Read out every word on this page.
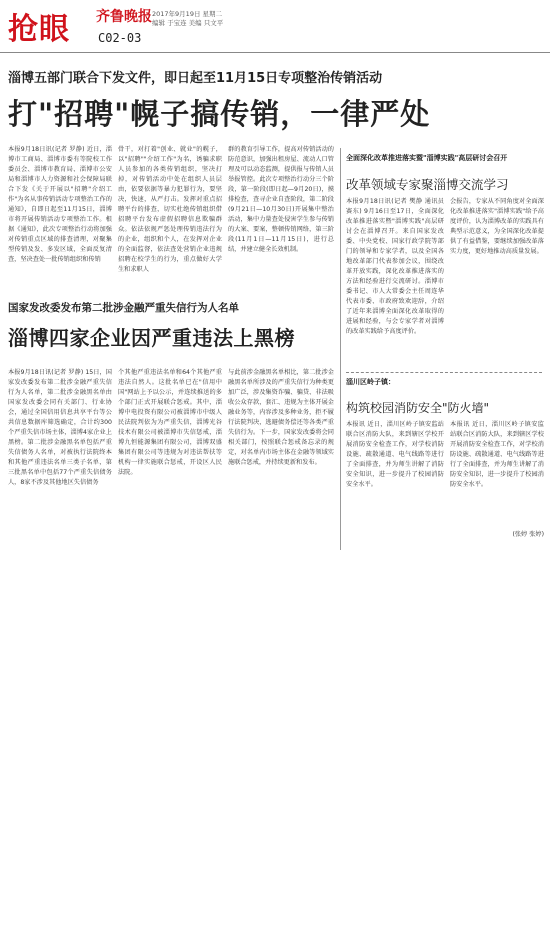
抢眼 齐鲁晚报 2017年9月19日 星期二
编辑 于宝连 美编 只文平
C02-03
淄博五部门联合下发文件，即日起至11月15日专项整治传销活动
打"招聘"幌子搞传销，一律严处
本报9月18日讯(记者 罗静) 近日，淄博市工商局、淄博市委有等院校工作委员会、淄博市教育局、淄博市公安局和淄博市人力资源和社会保障局联合下发《关于开展以"招聘"介绍工作"为名从事传销活动专项整治工作的通知》，自即日起至11月15日，淄博市将开展传销活动专项整治工作。根据《通知》，此次专项整治行动将加强对传销重点区域的排查清理，对聚集型传销及发、多发区域，全面反复清查，坚决查处一批传销组织和传销
骨干，对打着"创业、就业"的幌子，以"招聘""介绍工作"为名，诱骗求职人员参加的各类传销组织，坚决打掉，对传销活动中处在组织人员层由，依要依据等暴力犯罪行为，要坚决，快速，从严打击。发挥对重点招聘平台的排查，切实杜绝传销组织借招聘平台发布虚假招聘信息欺骗群众。依法依规严惩处理传销违法行为的企业，组织和个人，在发挥对企业的全面监督，依法查处营销企业违规招聘在校学生的行为，重点做好大学生和求职人
群的教育引导工作，提高对传销活动的防范意识，加强出租房屋、流动人口管理及可以动态监测，提供报与传销人员举报管控。此次专项整治行动分三个阶段，第一阶段(即日起—9月20日)，摸排检查，查寻企业自查阶段，第二阶段(9月21日—10月30日)开展集中整治活动，集中力量查处侵害学生参与传销的大案、要案，整顿传销网络，第三阶段(11月1日—11月15日)，进行总结，并建立健全长效机制。
国家发改委发布第二批涉金融严重失信行为人名单
淄博四家企业因严重违法上黑榜
本报9月18日讯(记者 罗静) 15日，国家发改委发布第二批涉金融严重失信行为人名单，第二批涉金融黑名单由国家发改委会同有关部门、行业协会，通过全国信用信息共享平台等公共信息数据库筛选确定，合计约300个严重失信市场主体，淄博4家企业上黑榜。第二批涉金融黑名单包括严重失信债务人名单，对被执行法院终本和其他严重违法名单三类子名单，第三批黑名单中包括77个严重失信债务人，8家不涉及其他地区失信债务
个其他严重违法名单和64个其他严重违法自然人。这批名单已在"信用中国"网站上予以公示，并连续推送的多个部门正式开展联合惩戒。其中，淄博中电投资有限公司被淄博市中级人民法院判依为为严重失信，淄博光谷技术有限公司被淄博市失信惩戒，淄博九恒能源集团有限公司，淄博双盛集团有限公司等违规为对违法帮扶等机构一律实施联合惩戒，开设区人民法院。
与此前涉金融黑名单相比，第二批涉金融黑名单所涉及的严重失信行为种类更加广泛，涉及集资诈骗、骗贷、非法吸收公众存款，套汇、违规为主体开展金融业务等，内容涉及多种业务，拒不履行法院判决，逃避债务偿还等各类严重失信行为。下一步，国家发改委将会同相关部门，按照联合惩戒备忘录的规定，对名单内市场主体在金融等领域实施联合惩戒，并持续更新和发布。
全面深化改革推进落实暨"淄博实践"高层研讨会召开
改革领域专家聚淄博交流学习
本报9月18日讯(记者 樊静 通讯员 赛东) 9月16日至17日，全面深化改革推进落实暨"淄博实践"高层研讨会在淄博召开。来自国家发改委、中央党校、国家行政学院等部门的领导和专家学者，以及全国各地改革部门代表参加会议，围绕改革开放实践，深化改革推进落实的方法和经验进行交流研讨。淄博市委书记、市人大常委会主任周连华代表市委、市政府致欢迎辞，介绍了近年来淄博全面深化改革取得的进展和经验，与会专家学者对淄博的改革实践给予高度评价。
会报告，专家从不同角度对全面深化改革推进落实"淄博实践"给予高度评价，认为淄博改革的实践具有典型示范意义，为全国深化改革提供了有益借鉴，要继续加强改革落实力度，更好地推动高质量发展。
淄川区岭子镇：
构筑校园消防安全"防火墙"
本报讯 近日，淄川区岭子镇安监站联合区消防大队，来到辖区学校开展消防安全检查工作，对学校消防设施、疏散通道、电气线路等进行了全面排查，并为师生讲解了消防安全知识，进一步提升了校园消防安全水平。
本报讯 近日，淄川区岭子镇安监站联合区消防大队，来到辖区学校开展消防安全检查工作，对学校消防设施、疏散通道、电气线路等进行了全面排查，并为师生讲解了消防安全知识，进一步提升了校园消防安全水平。
(张婷 张婷)
